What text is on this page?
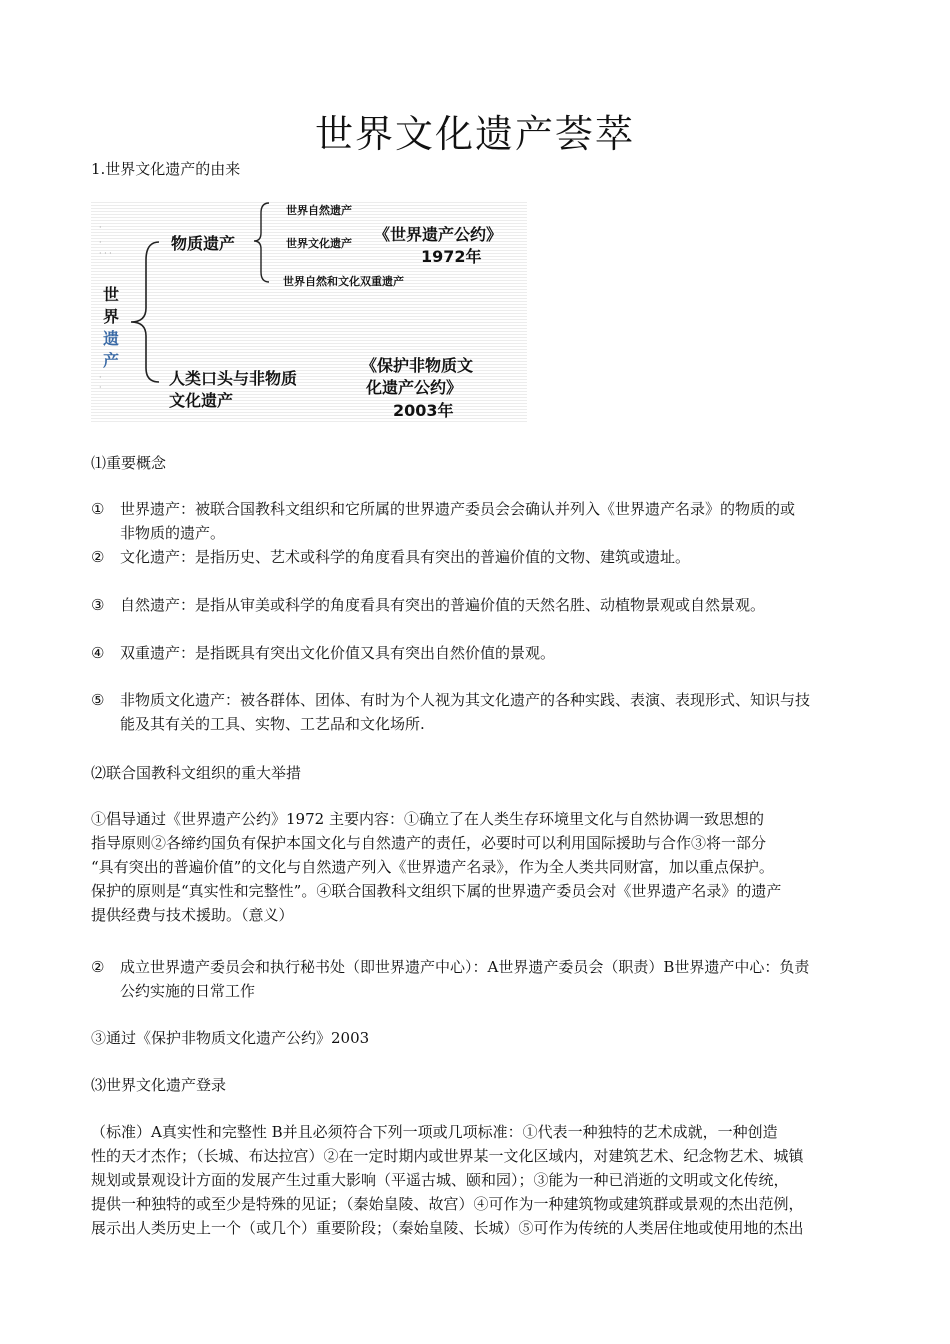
世界文化遗产荟萃
1.世界文化遗产的由来
·
·
· · ·
·
·
世
界
遗
产
物质遗产
世界自然遗产
世界文化遗产
世界自然和文化双重遗产
《世界遗产公约》
1972年
人类口头与非物质
文化遗产
《保护非物质文
化遗产公约》
2003年
⑴重要概念
①	世界遗产：被联合国教科文组织和它所属的世界遗产委员会会确认并列入《世界遗产名录》的物质的或
非物质的遗产。
②	文化遗产：是指历史、艺术或科学的角度看具有突出的普遍价值的文物、建筑或遗址。
③	自然遗产：是指从审美或科学的角度看具有突出的普遍价值的天然名胜、动植物景观或自然景观。
④	双重遗产：是指既具有突出文化价值又具有突出自然价值的景观。
⑤	非物质文化遗产：被各群体、团体、有时为个人视为其文化遗产的各种实践、表演、表现形式、知识与技
能及其有关的工具、实物、工艺品和文化场所.
⑵联合国教科文组织的重大举措
①倡导通过《世界遗产公约》1972 主要内容：①确立了在人类生存环境里文化与自然协调一致思想的
指导原则②各缔约国负有保护本国文化与自然遗产的责任，必要时可以利用国际援助与合作③将一部分
“具有突出的普遍价值”的文化与自然遗产列入《世界遗产名录》，作为全人类共同财富，加以重点保护。
保护的原则是“真实性和完整性”。④联合国教科文组织下属的世界遗产委员会对《世界遗产名录》的遗产
提供经费与技术援助。（意义）
②	成立世界遗产委员会和执行秘书处（即世界遗产中心）：A世界遗产委员会（职责）B世界遗产中心：负责
公约实施的日常工作
③通过《保护非物质文化遗产公约》2003
⑶世界文化遗产登录
（标准）A真实性和完整性 B并且必须符合下列一项或几项标准：①代表一种独特的艺术成就，一种创造
性的天才杰作；（长城、布达拉宫）②在一定时期内或世界某一文化区域内，对建筑艺术、纪念物艺术、城镇
规划或景观设计方面的发展产生过重大影响（平遥古城、颐和园）；③能为一种已消逝的文明或文化传统，
提供一种独特的或至少是特殊的见证；（秦始皇陵、故宫）④可作为一种建筑物或建筑群或景观的杰出范例，
展示出人类历史上一个（或几个）重要阶段；（秦始皇陵、长城）⑤可作为传统的人类居住地或使用地的杰出
